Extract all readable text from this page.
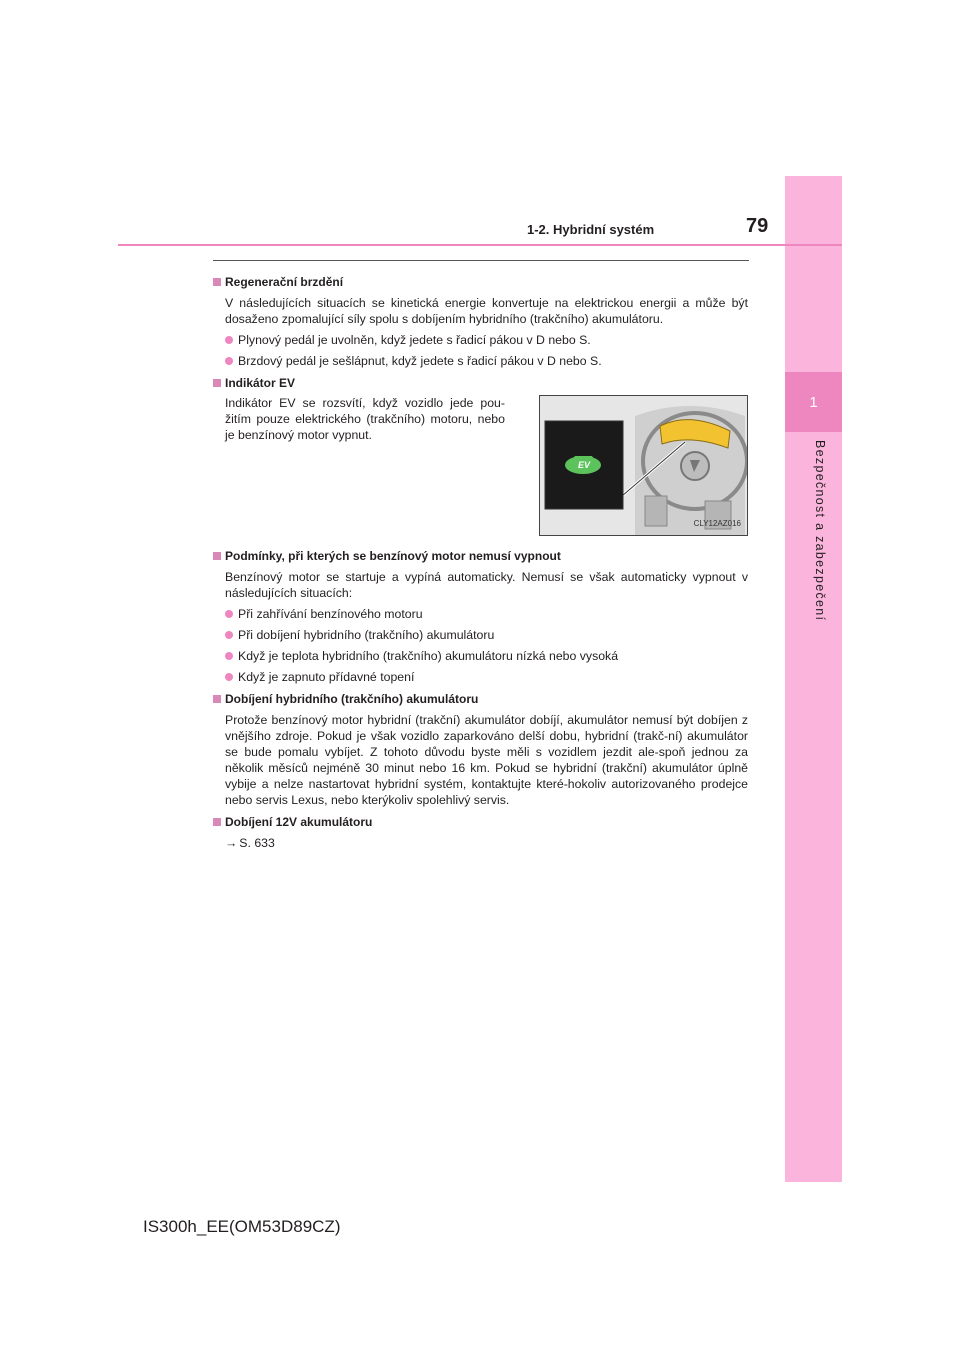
1
Bezpečnost a zabezpečení
1-2. Hybridní systém	79
Regenerační brzdění
V následujících situacích se kinetická energie konvertuje na elektrickou energii a může být dosaženo zpomalující síly spolu s dobíjením hybridního (trakčního) akumulátoru.
Plynový pedál je uvolněn, když jedete s řadicí pákou v D nebo S.
Brzdový pedál je sešlápnut, když jedete s řadicí pákou v D nebo S.
Indikátor EV
Indikátor EV se rozsvítí, když vozidlo jede pou-žitím pouze elektrického (trakčního) motoru, nebo je benzínový motor vypnut.
EV
CLY12AZ016
Podmínky, při kterých se benzínový motor nemusí vypnout
Benzínový motor se startuje a vypíná automaticky. Nemusí se však automaticky vypnout v následujících situacích:
Při zahřívání benzínového motoru
Při dobíjení hybridního (trakčního) akumulátoru
Když je teplota hybridního (trakčního) akumulátoru nízká nebo vysoká
Když je zapnuto přídavné topení
Dobíjení hybridního (trakčního) akumulátoru
Protože benzínový motor hybridní (trakční) akumulátor dobíjí, akumulátor nemusí být dobíjen z vnějšího zdroje. Pokud je však vozidlo zaparkováno delší dobu, hybridní (trakč-ní) akumulátor se bude pomalu vybíjet. Z tohoto důvodu byste měli s vozidlem jezdit ale-spoň jednou za několik měsíců nejméně 30 minut nebo 16 km. Pokud se hybridní (trakční) akumulátor úplně vybije a nelze nastartovat hybridní systém, kontaktujte které-hokoliv autorizovaného prodejce nebo servis Lexus, nebo kterýkoliv spolehlivý servis.
Dobíjení 12V akumulátoru
→ S. 633
IS300h_EE(OM53D89CZ)
